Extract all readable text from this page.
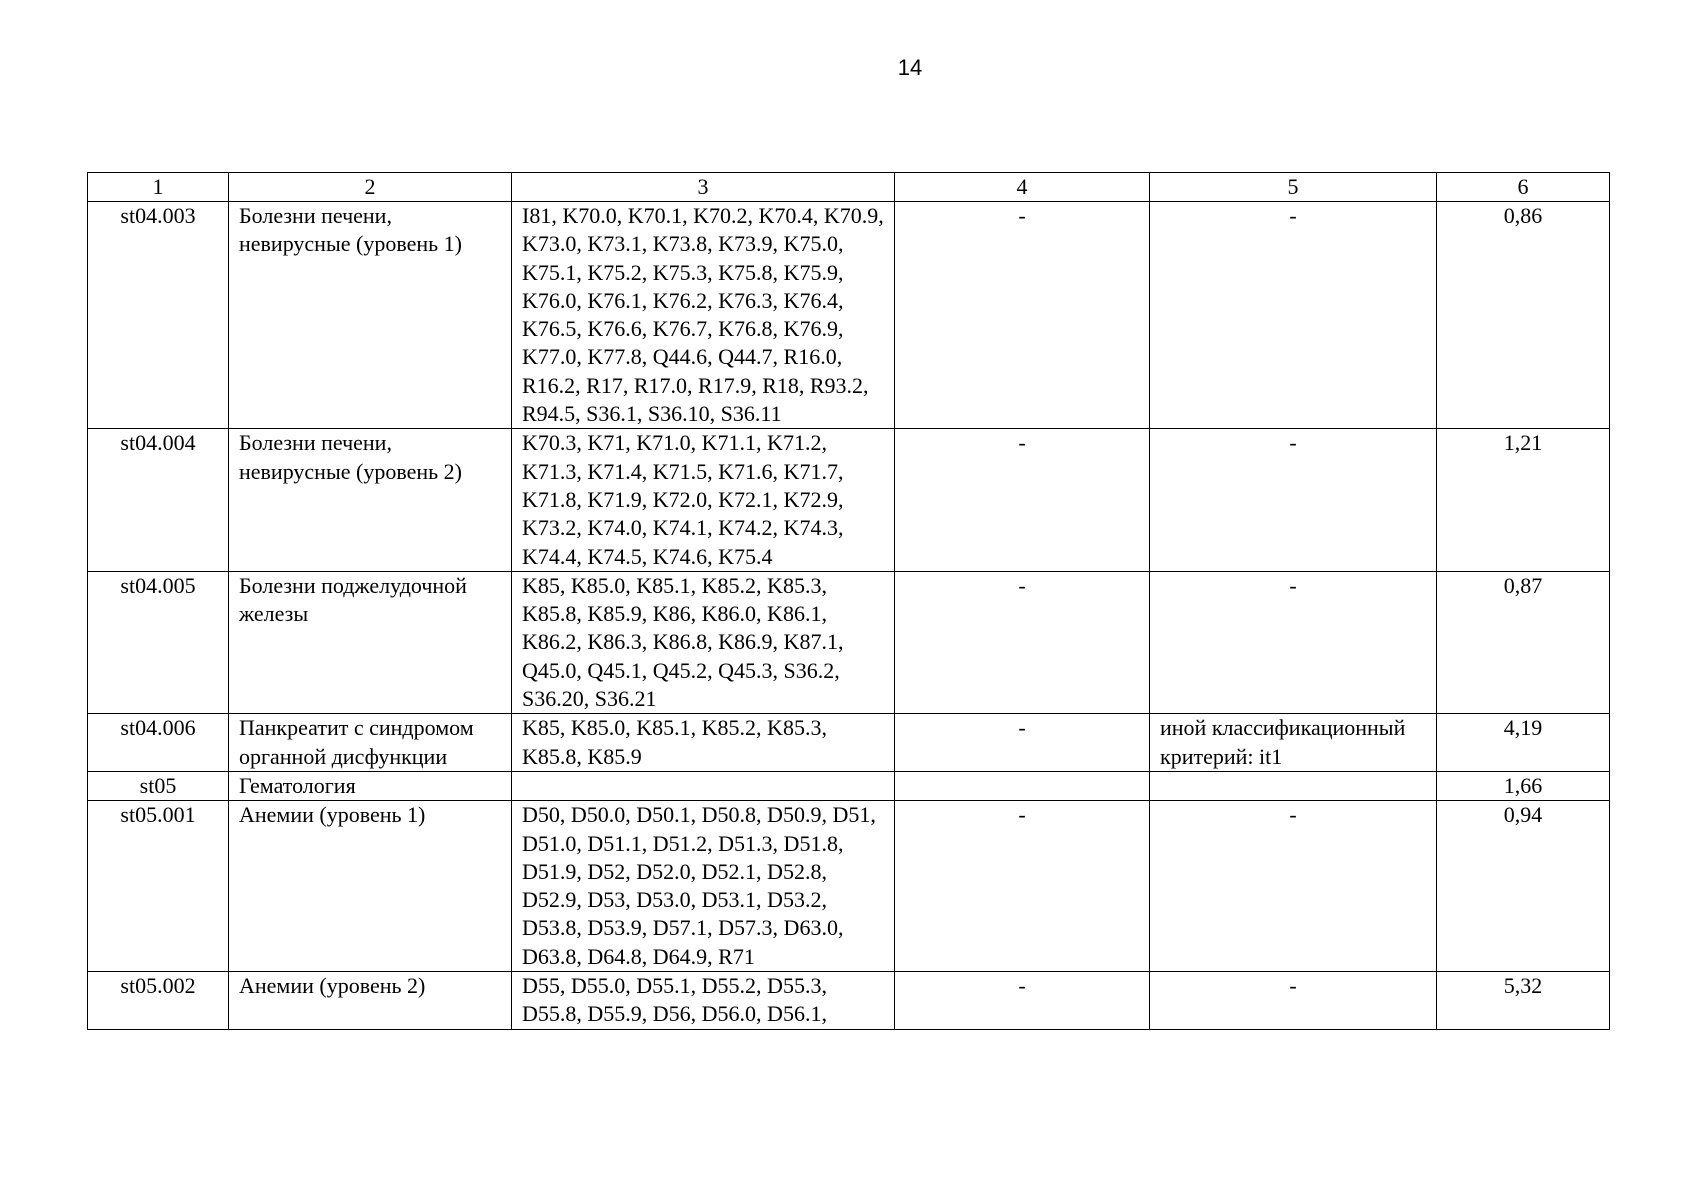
14
1	2	3	4	5	6
st04.003	Болезни печени, невирусные (уровень 1)	I81, K70.0, K70.1, K70.2, K70.4, K70.9, K73.0, K73.1, K73.8, K73.9, K75.0, K75.1, K75.2, K75.3, K75.8, K75.9, K76.0, K76.1, K76.2, K76.3, K76.4, K76.5, K76.6, K76.7, K76.8, K76.9, K77.0, K77.8, Q44.6, Q44.7, R16.0, R16.2, R17, R17.0, R17.9, R18, R93.2, R94.5, S36.1, S36.10, S36.11	-	-	0,86
st04.004	Болезни печени, невирусные (уровень 2)	K70.3, K71, K71.0, K71.1, K71.2, K71.3, K71.4, K71.5, K71.6, K71.7, K71.8, K71.9, K72.0, K72.1, K72.9, K73.2, K74.0, K74.1, K74.2, K74.3, K74.4, K74.5, K74.6, K75.4	-	-	1,21
st04.005	Болезни поджелудочной железы	K85, K85.0, K85.1, K85.2, K85.3, K85.8, K85.9, K86, K86.0, K86.1, K86.2, K86.3, K86.8, K86.9, K87.1, Q45.0, Q45.1, Q45.2, Q45.3, S36.2, S36.20, S36.21	-	-	0,87
st04.006	Панкреатит с синдромом органной дисфункции	K85, K85.0, K85.1, K85.2, K85.3, K85.8, K85.9	-	иной классификационный критерий: it1	4,19
st05	Гематология				1,66
st05.001	Анемии (уровень 1)	D50, D50.0, D50.1, D50.8, D50.9, D51, D51.0, D51.1, D51.2, D51.3, D51.8, D51.9, D52, D52.0, D52.1, D52.8, D52.9, D53, D53.0, D53.1, D53.2, D53.8, D53.9, D57.1, D57.3, D63.0, D63.8, D64.8, D64.9, R71	-	-	0,94
st05.002	Анемии (уровень 2)	D55, D55.0, D55.1, D55.2, D55.3, D55.8, D55.9, D56, D56.0, D56.1,	-	-	5,32
